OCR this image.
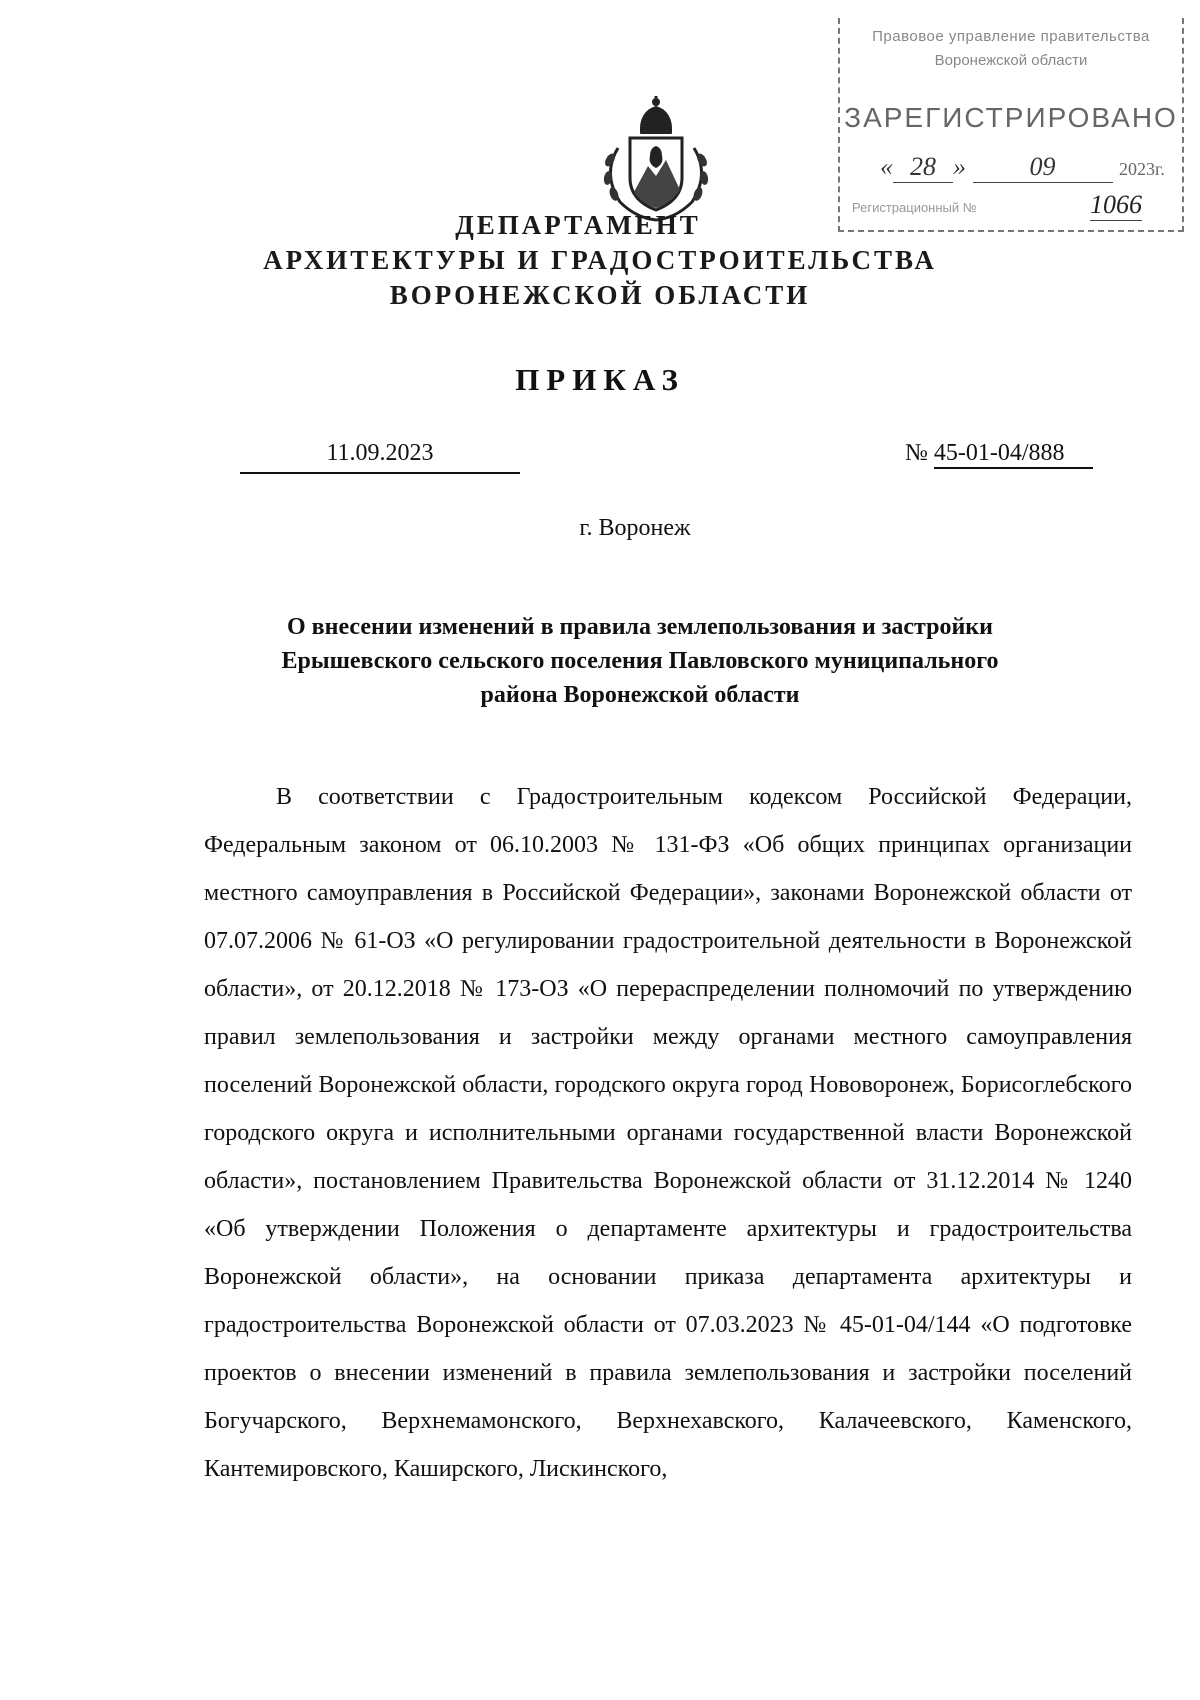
Правовое управление правительства
Воронежской области
ЗАРЕГИСТРИРОВАНО
« 28 » 09	2023г.
Регистрационный №	1066
ДЕПАРТАМЕНТ
АРХИТЕКТУРЫ И ГРАДОСТРОИТЕЛЬСТВА
ВОРОНЕЖСКОЙ ОБЛАСТИ
ПРИКАЗ
11.09.2023	№ 45-01-04/888
г. Воронеж
О внесении изменений в правила землепользования и застройки
Ерышевского сельского поселения Павловского муниципального
района Воронежской области
В соответствии с Градостроительным кодексом Российской Федерации, Федеральным законом от 06.10.2003 № 131-ФЗ «Об общих принципах организации местного самоуправления в Российской Федерации», законами Воронежской области от 07.07.2006 № 61-ОЗ «О регулировании градостроительной деятельности в Воронежской области», от 20.12.2018 № 173-ОЗ «О перераспределении полномочий по утверждению правил землепользования и застройки между органами местного самоуправления поселений Воронежской области, городского округа город Нововоронеж, Борисоглебского городского округа и исполнительными органами государственной власти Воронежской области», постановлением Правительства Воронежской области от 31.12.2014 № 1240 «Об утверждении Положения о департаменте архитектуры и градостроительства Воронежской области», на основании приказа департамента архитектуры и градостроительства Воронежской области от 07.03.2023 № 45-01-04/144 «О подготовке проектов о внесении изменений в правила землепользования и застройки поселений Богучарского, Верхнемамонского, Верхнехавского, Калачеевского, Каменского, Кантемировского, Каширского, Лискинского,
